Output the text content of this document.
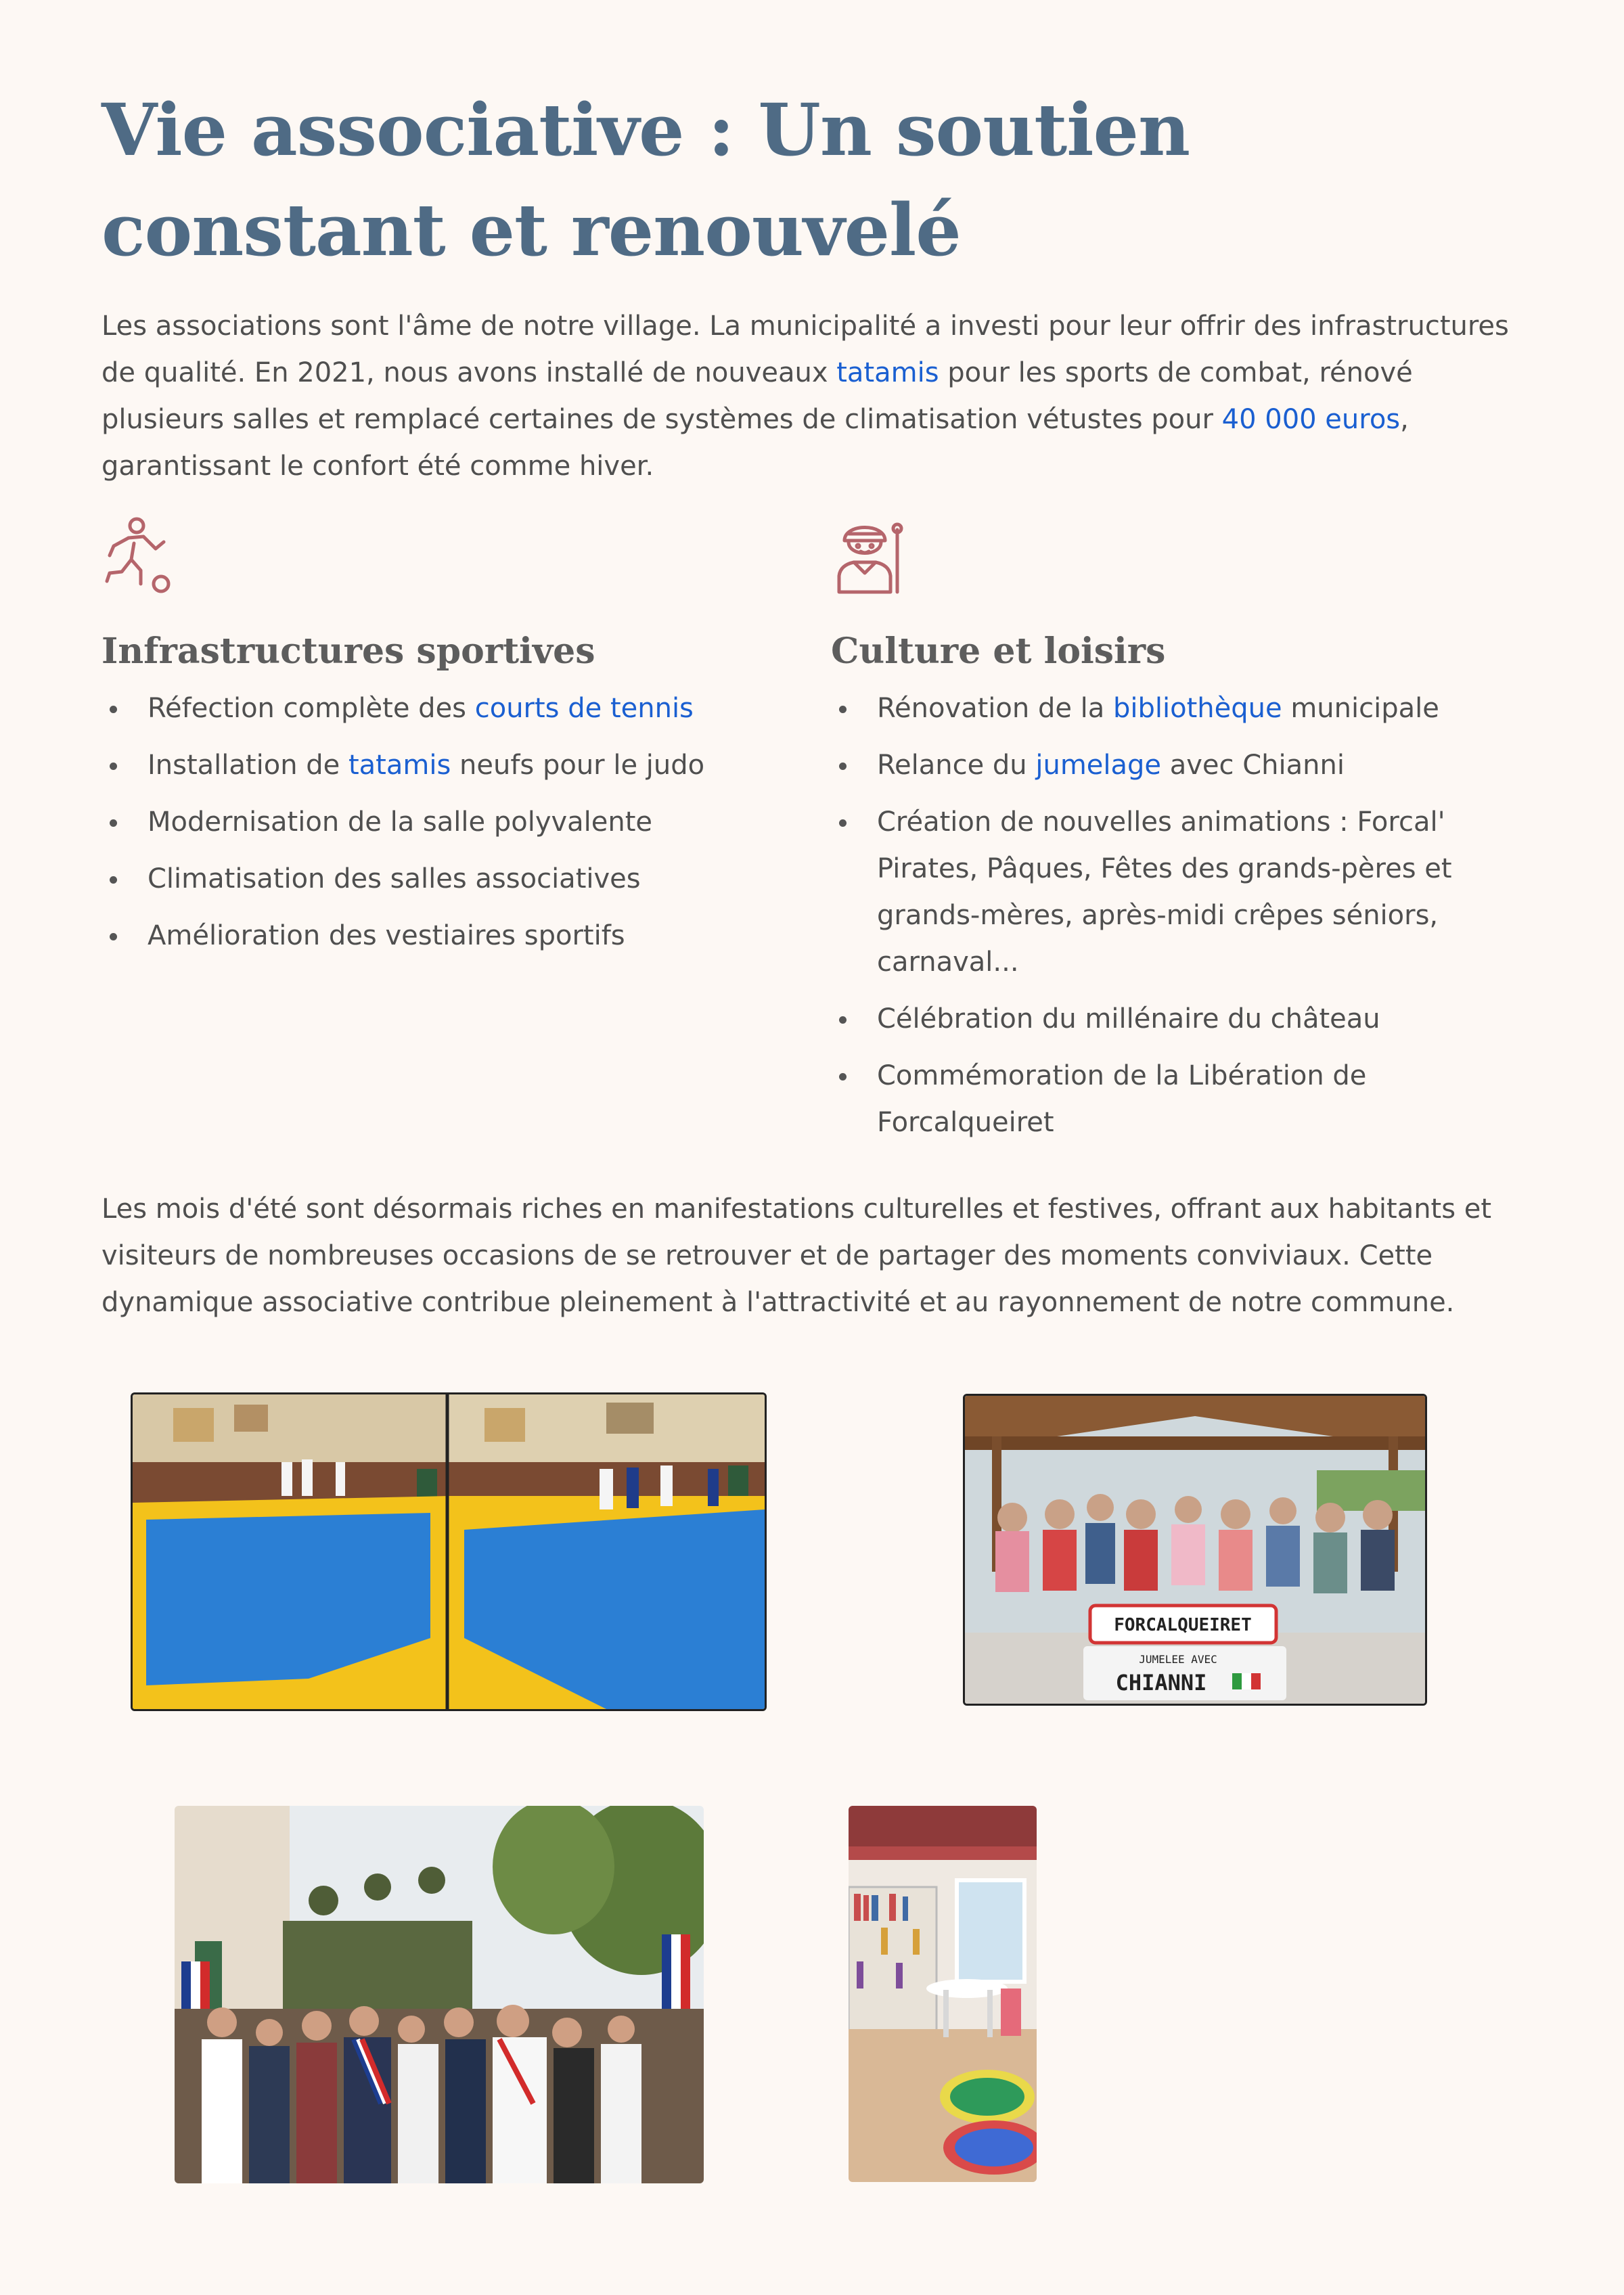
Vie associative : Un soutien constant et renouvelé

Les associations sont l'âme de notre village. La municipalité a investi pour leur offrir des infrastructures de qualité. En 2021, nous avons installé de nouveaux tatamis pour les sports de combat, rénové plusieurs salles et remplacé certaines de systèmes de climatisation vétustes pour 40 000 euros, garantissant le confort été comme hiver.

Infrastructures sportives
Réfection complète des courts de tennis
Installation de tatamis neufs pour le judo
Modernisation de la salle polyvalente
Climatisation des salles associatives
Amélioration des vestiaires sportifs
Culture et loisirs
Rénovation de la bibliothèque municipale
Relance du jumelage avec Chianni
Création de nouvelles animations : Forcal' Pirates, Pâques, Fêtes des grands-pères et grands-mères, après-midi crêpes séniors, carnaval...
Célébration du millénaire du château
Commémoration de la Libération de Forcalqueiret

Les mois d'été sont désormais riches en manifestations culturelles et festives, offrant aux habitants et visiteurs de nombreuses occasions de se retrouver et de partager des moments conviviaux. Cette dynamique associative contribue pleinement à l'attractivité et au rayonnement de notre commune.

FORCALQUEIRET
JUMELEE AVEC
CHIANNI
